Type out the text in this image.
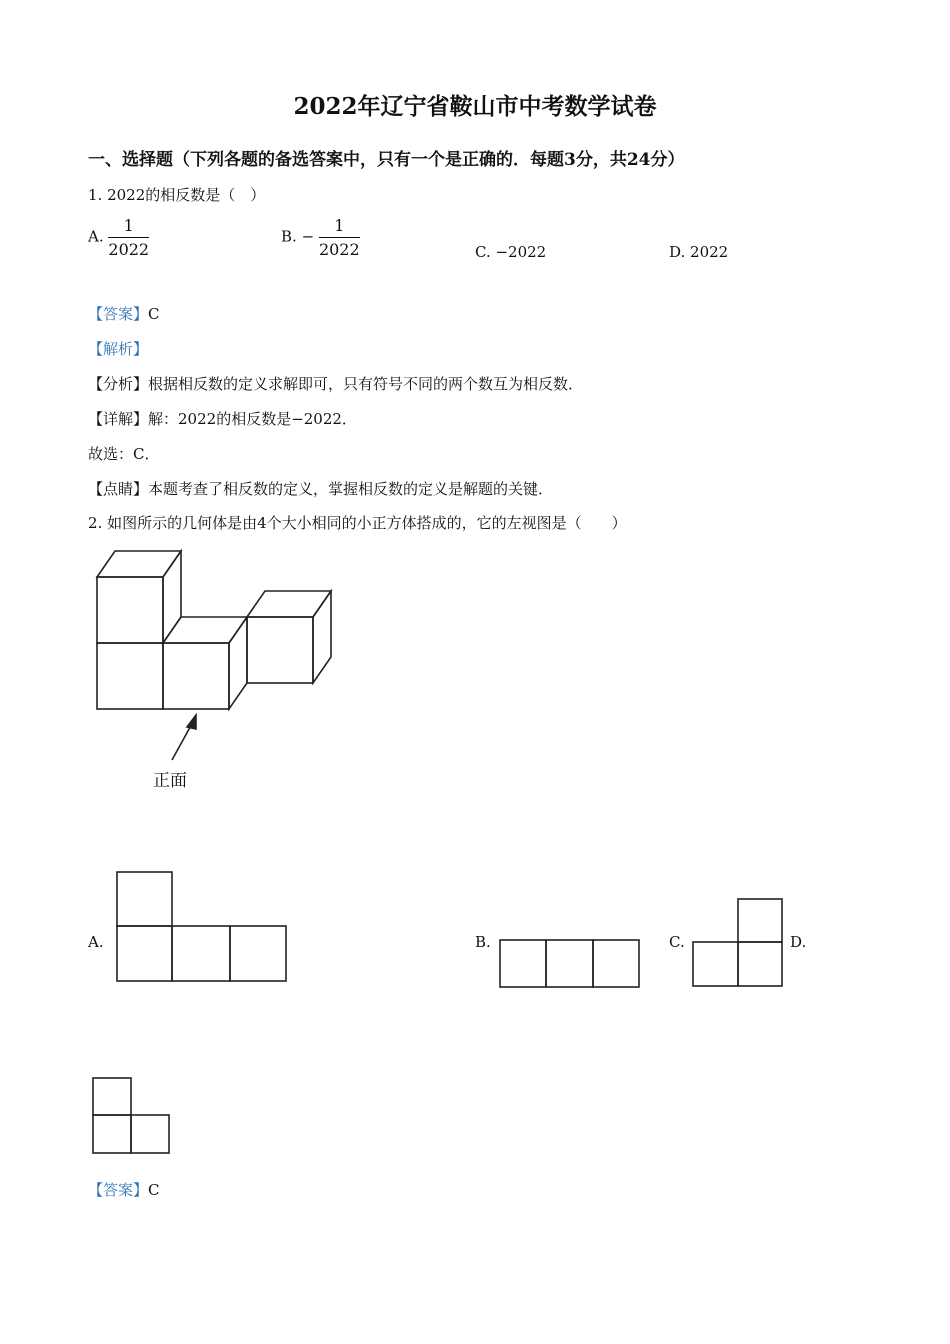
2022年辽宁省鞍山市中考数学试卷
一、选择题（下列各题的备选答案中，只有一个是正确的．每题3分，共24分）
1. 2022的相反数是（　）
A. $\frac{1}{2022}$	B. − $\frac{1}{2022}$	C. −2022	D. 2022
【答案】C
【解析】
【分析】根据相反数的定义求解即可，只有符号不同的两个数互为相反数．
【详解】解：2022的相反数是−2022．
故选：C．
【点睛】本题考查了相反数的定义，掌握相反数的定义是解题的关键．
2. 如图所示的几何体是由4个大小相同的小正方体搭成的，它的左视图是（　　）
正面
A.	B.	C.	D.
【答案】C
